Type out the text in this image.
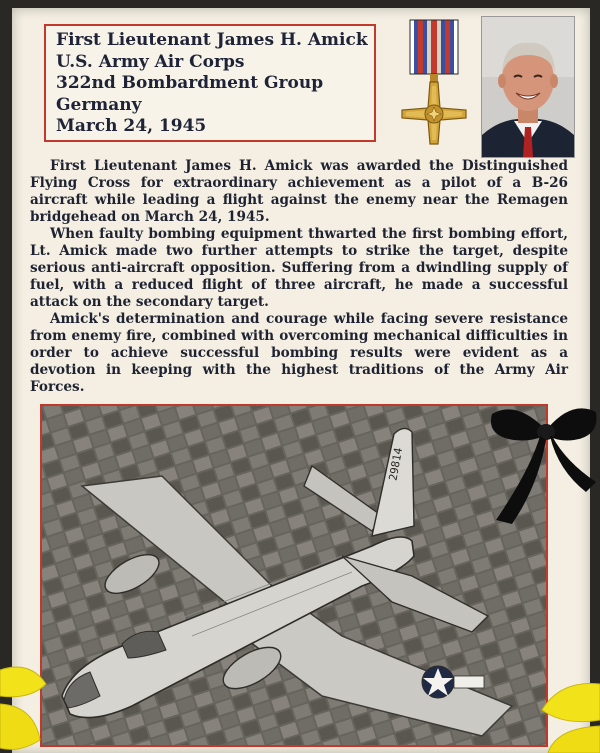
First Lieutenant James H. Amick
U.S. Army Air Corps
322nd Bombardment Group
Germany
March 24, 1945

First Lieutenant James H. Amick was awarded the Distinguished Flying Cross for extraordinary achievement as a pilot of a B-26 aircraft while leading a flight against the enemy near the Remagen bridgehead on March 24, 1945.

When faulty bombing equipment thwarted the first bombing effort, Lt. Amick made two further attempts to strike the target, despite serious anti-aircraft opposition. Suffering from a dwindling supply of fuel, with a reduced flight of three aircraft, he made a successful attack on the secondary target.

Amick's determination and courage while facing severe resistance from enemy fire, combined with overcoming mechanical difficulties in order to achieve successful bombing results were evident as a devotion in keeping with the highest traditions of the Army Air Forces.

29814
